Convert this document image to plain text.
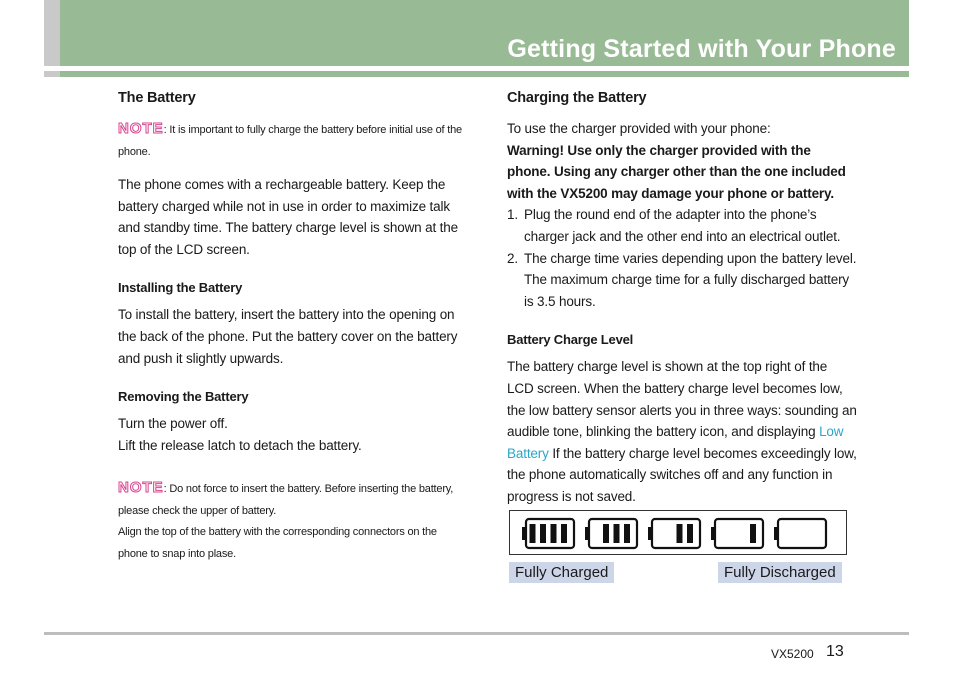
Getting Started with Your Phone
The Battery
NOTE: It is important to fully charge the battery before initial use of the phone.

The phone comes with a rechargeable battery. Keep the battery charged while not in use in order to maximize talk and standby time. The battery charge level is shown at the top of the LCD screen.

Installing the Battery

To install the battery, insert the battery into the opening on the back of the phone. Put the battery cover on the battery and push it slightly upwards.

Removing the Battery

Turn the power off.

Lift the release latch to detach the battery.

NOTE: Do not force to insert the battery. Before inserting the battery, please check the upper of battery.
Align the top of the battery with the corresponding connectors on the phone to snap into plase.
Charging the Battery

To use the charger provided with your phone:

Warning! Use only the charger provided with the phone. Using any charger other than the one included with the VX5200 may damage your phone or battery.

1. Plug the round end of the adapter into the phone’s charger jack and the other end into an electrical outlet.
2. The charge time varies depending upon the battery level. The maximum charge time for a fully discharged battery is 3.5 hours.
Battery Charge Level

The battery charge level is shown at the top right of the LCD screen. When the battery charge level becomes low, the low battery sensor alerts you in three ways: sounding an audible tone, blinking the battery icon, and displaying Low Battery If the battery charge level becomes exceedingly low, the phone automatically switches off and any function in progress is not saved.

Fully Charged	Fully Discharged
VX5200 13
